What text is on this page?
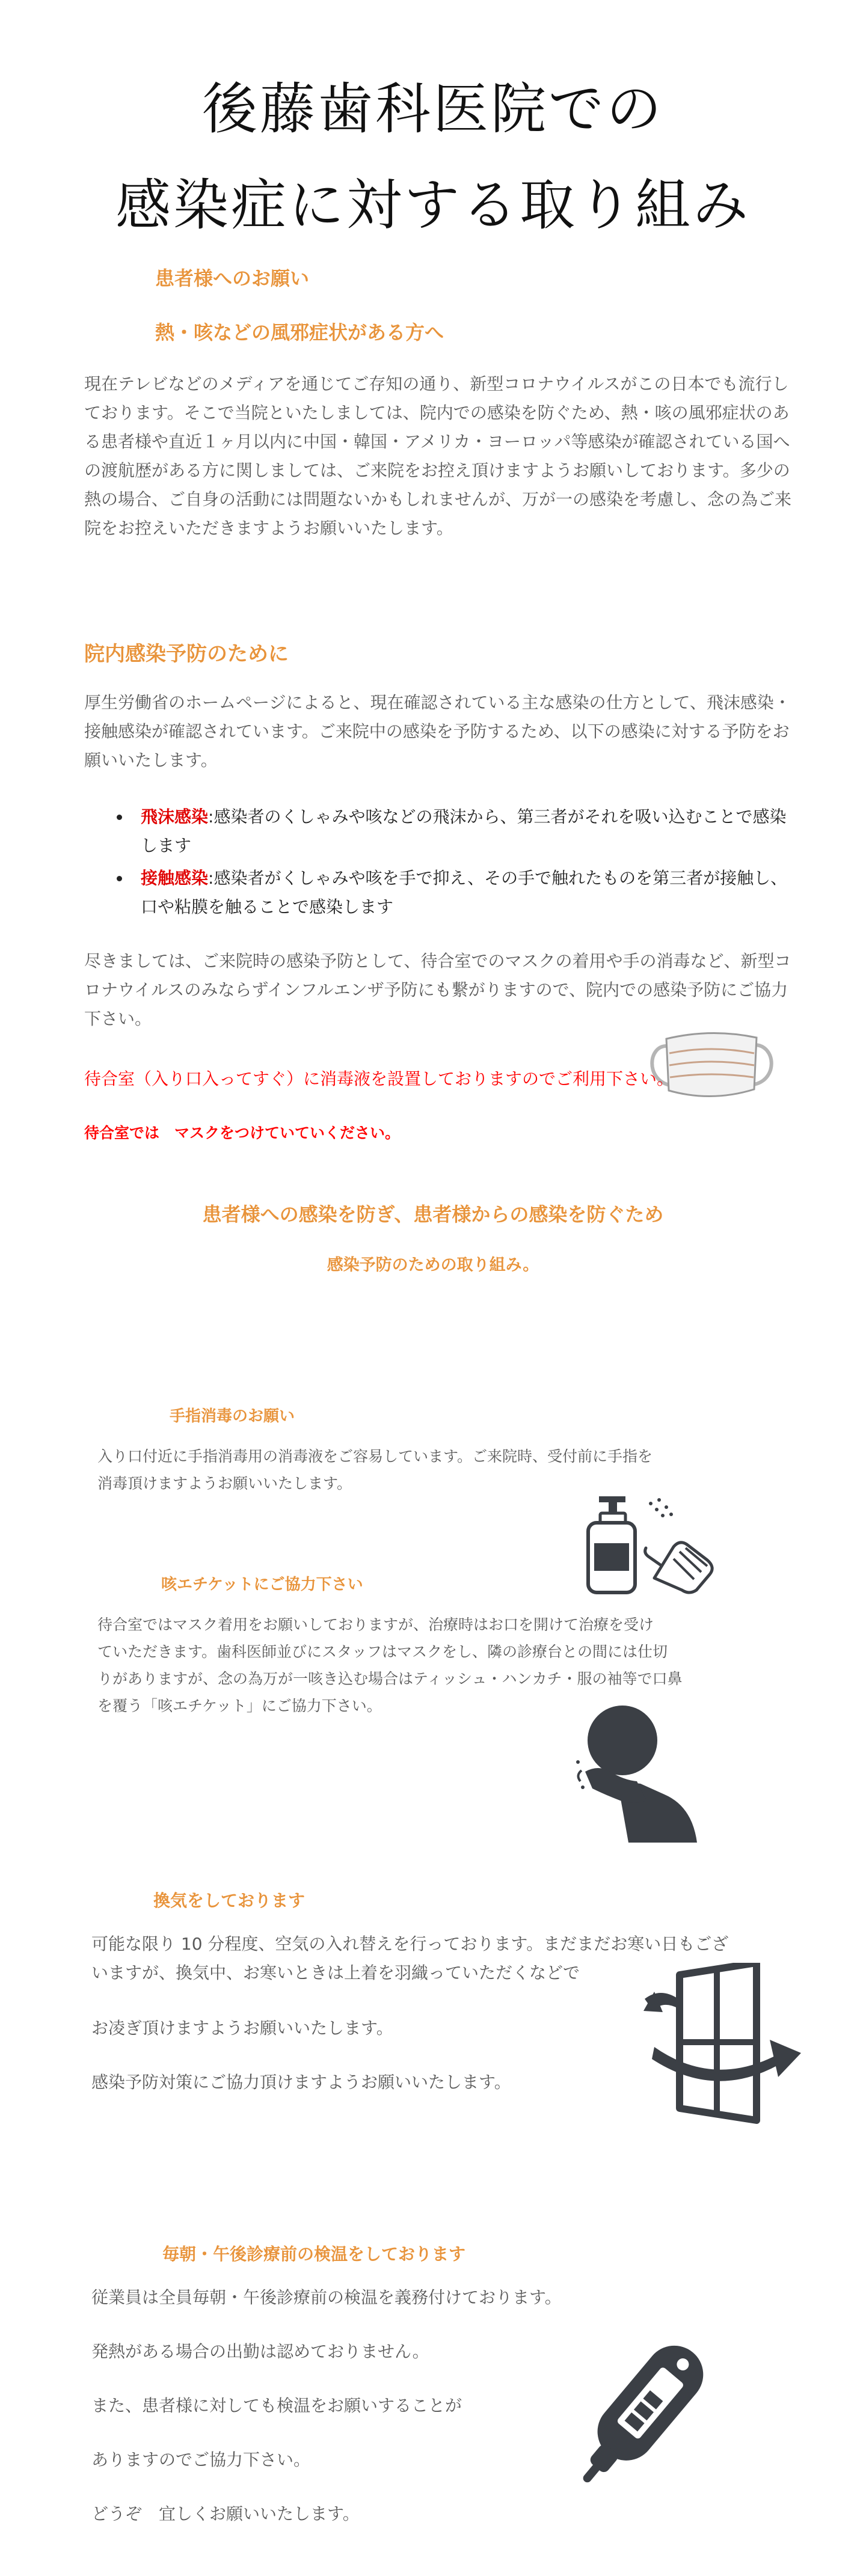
後藤歯科医院での
感染症に対する取り組み
患者様へのお願い
熱・咳などの風邪症状がある方へ

現在テレビなどのメディアを通じてご存知の通り、新型コロナウイルスがこの日本でも流行しております。そこで当院といたしましては、院内での感染を防ぐため、熱・咳の風邪症状のある患者様や直近１ヶ月以内に中国・韓国・アメリカ・ヨーロッパ等感染が確認されている国への渡航歴がある方に関しましては、ご来院をお控え頂けますようお願いしております。多少の熱の場合、ご自身の活動には問題ないかもしれませんが、万が一の感染を考慮し、念の為ご来院をお控えいただきますようお願いいたします。

院内感染予防のために

厚生労働省のホームページによると、現在確認されている主な感染の仕方として、飛沫感染・接触感染が確認されています。ご来院中の感染を予防するため、以下の感染に対する予防をお願いいたします。

飛沫感染:感染者のくしゃみや咳などの飛沫から、第三者がそれを吸い込むことで感染します
接触感染:感染者がくしゃみや咳を手で抑え、その手で触れたものを第三者が接触し、口や粘膜を触ることで感染します

尽きましては、ご来院時の感染予防として、待合室でのマスクの着用や手の消毒など、新型コロナウイルスのみならずインフルエンザ予防にも繋がりますので、院内での感染予防にご協力下さい。

待合室（入り口入ってすぐ）に消毒液を設置しておりますのでご利用下さい。
待合室では　マスクをつけていていください。
患者様への感染を防ぎ、患者様からの感染を防ぐため
感染予防のための取り組み。
手指消毒のお願い

入り口付近に手指消毒用の消毒液をご容易しています。ご来院時、受付前に手指を

消毒頂けますようお願いいたします。

咳エチケットにご協力下さい

待合室ではマスク着用をお願いしておりますが、治療時はお口を開けて治療を受け

ていただきます。歯科医師並びにスタッフはマスクをし、隣の診療台との間には仕切

りがありますが、念の為万が一咳き込む場合はティッシュ・ハンカチ・服の袖等で口鼻

を覆う「咳エチケット」にご協力下さい。

換気をしております

可能な限り 10 分程度、空気の入れ替えを行っております。まだまだお寒い日もござ

いますが、換気中、お寒いときは上着を羽織っていただくなどで

お凌ぎ頂けますようお願いいたします。

感染予防対策にご協力頂けますようお願いいたします。

毎朝・午後診療前の検温をしております

従業員は全員毎朝・午後診療前の検温を義務付けております。

発熱がある場合の出勤は認めておりません。

また、患者様に対しても検温をお願いすることが

ありますのでご協力下さい。

どうぞ　宜しくお願いいたします。
